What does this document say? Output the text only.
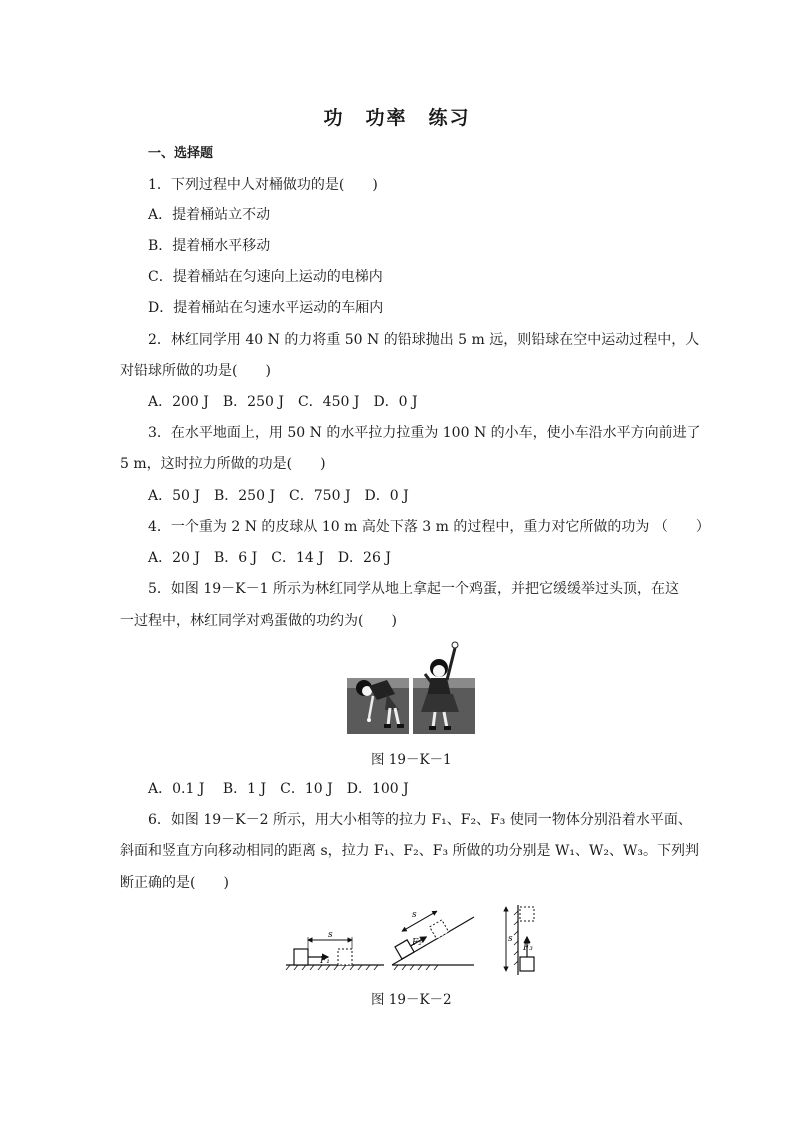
功　功率　练习
一、选择题
1．下列过程中人对桶做功的是(　　)
A．提着桶站立不动
B．提着桶水平移动
C．提着桶站在匀速向上运动的电梯内
D．提着桶站在匀速水平运动的车厢内
2．林红同学用 40 N 的力将重 50 N 的铅球抛出 5 m 远，则铅球在空中运动过程中，人
对铅球所做的功是(　　)
A．200 J　B．250 J　C．450 J　D．0 J
3．在水平地面上，用 50 N 的水平拉力拉重为 100 N 的小车，使小车沿水平方向前进了
5 m，这时拉力所做的功是(　　)
A．50 J　B．250 J　C．750 J　D．0 J
4．一个重为 2 N 的皮球从 10 m 高处下落 3 m 的过程中，重力对它所做的功为 （　　）
A．20 J　B．6 J　C．14 J　D．26 J
5．如图 19－K－1 所示为林红同学从地上拿起一个鸡蛋，并把它缓缓举过头顶，在这
一过程中，林红同学对鸡蛋做的功约为(　　)
图 19－K－1
A．0.1 J　 B．1 J　C．10 J　D．100 J
6．如图 19－K－2 所示，用大小相等的拉力 F₁、F₂、F₃ 使同一物体分别沿着水平面、
斜面和竖直方向移动相同的距离 s，拉力 F₁、F₂、F₃ 所做的功分别是 W₁、W₂、W₃。下列判
断正确的是(　　)
F₁
s
F₂
s
F₃
s
图 19－K－2
